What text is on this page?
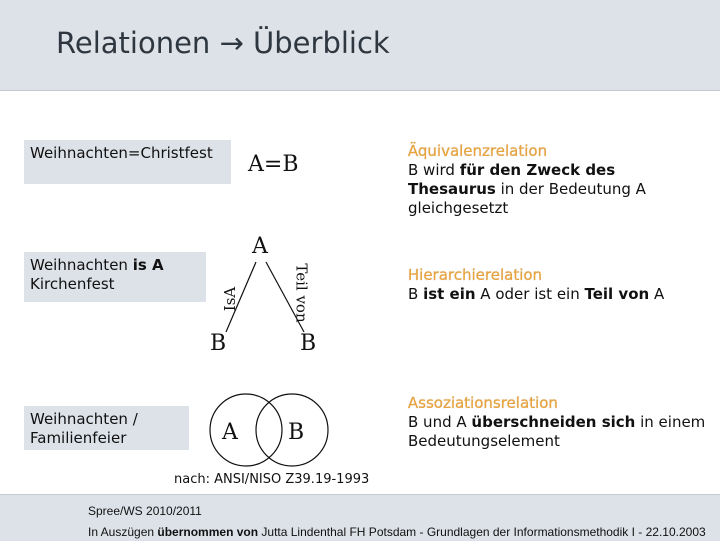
Relationen → Überblick
Weihnachten=Christfest	A=B
Äquivalenzrelation
B wird für den Zweck des Thesaurus in der Bedeutung A gleichgesetzt
Weihnachten is A Kirchenfest
A
B	B
IsA	Teil von	Hierarchierelation
B ist ein A oder ist ein Teil von A
Weihnachten / Familienfeier	A B
Assoziationsrelation
B und A überschneiden sich in einem Bedeutungselement
nach: ANSI/NISO Z39.19-1993
Spree/WS 2010/2011
In Auszügen übernommen von Jutta Lindenthal FH Potsdam - Grundlagen der Informationsmethodik I - 22.10.2003
